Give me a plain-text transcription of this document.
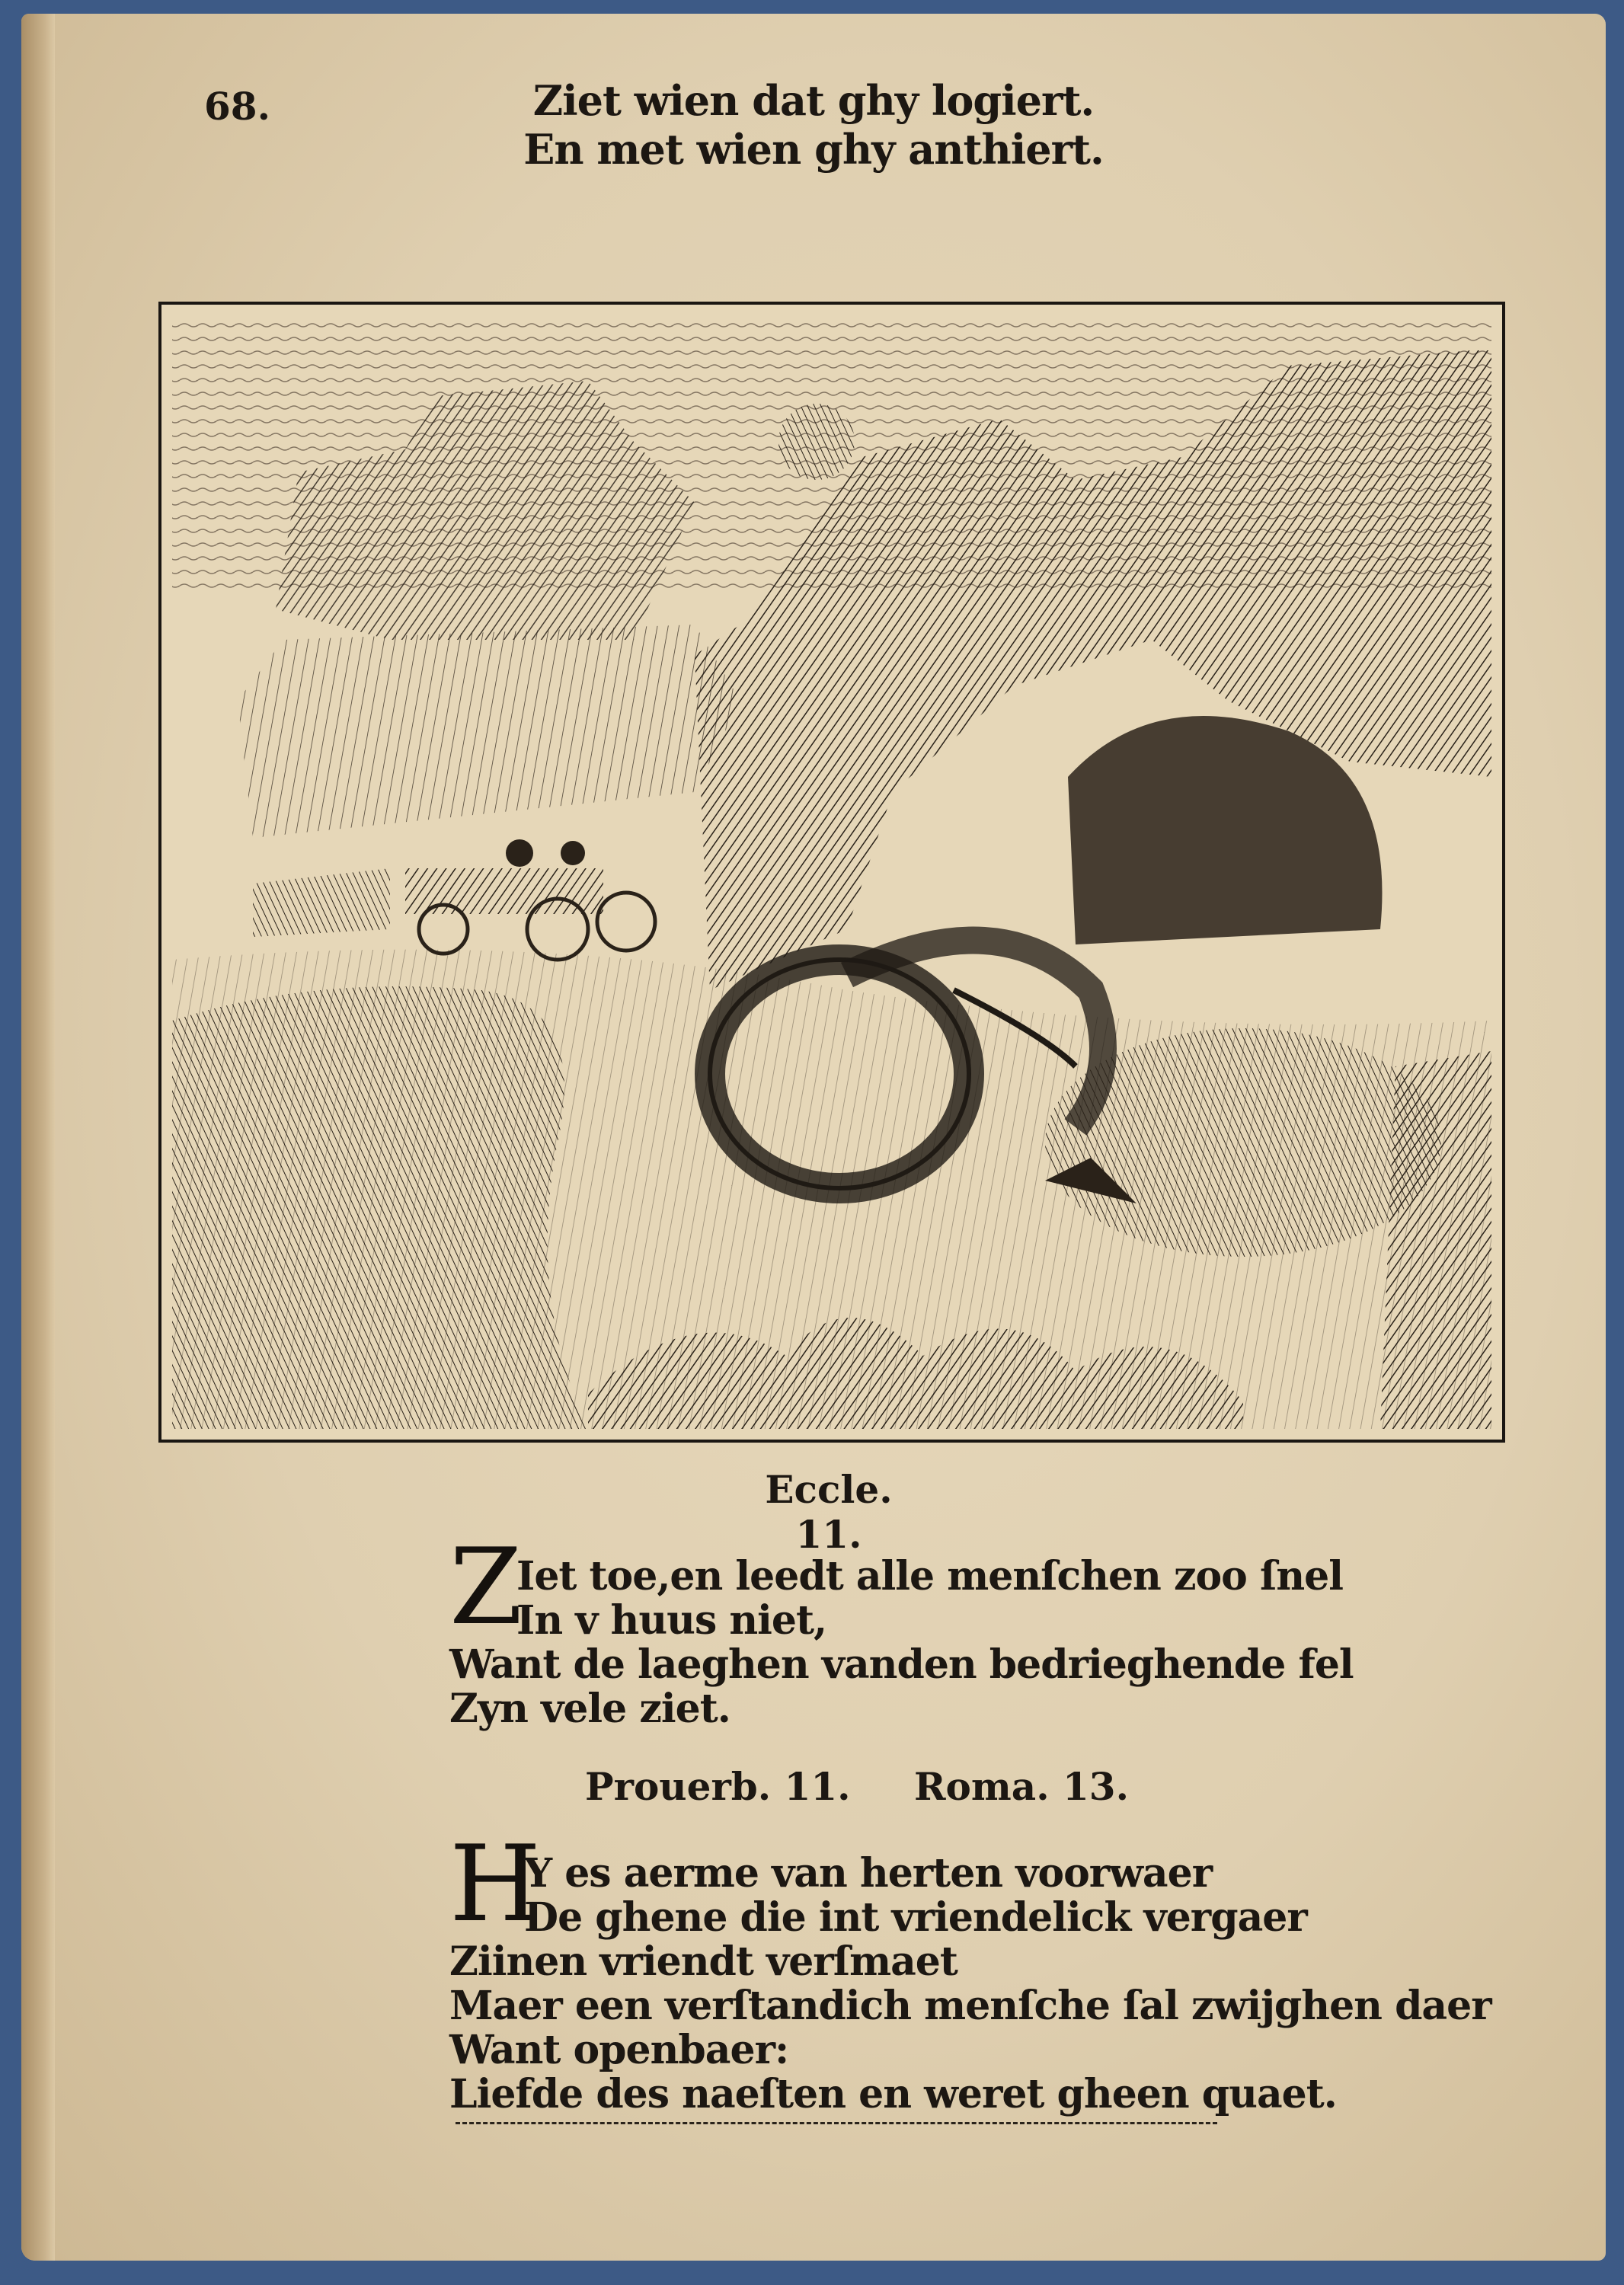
68.	Ziet wien dat ghy logiert.
En met wien ghy anthiert.
Eccle. 11.
Z
Iet toe,en leedt alle menſchen zoo ſnel
In v huus niet,
Want de laeghen vanden bedrieghende fel
Zyn vele ziet.
Prouerb. 11. Roma. 13.
H
Y es aerme van herten voorwaer
De ghene die int vriendelick vergaer
Ziinen vriendt verſmaet
Maer een verſtandich menſche ſal zwijghen daer
Want openbaer:
Liefde des naeſten en weret gheen quaet.
